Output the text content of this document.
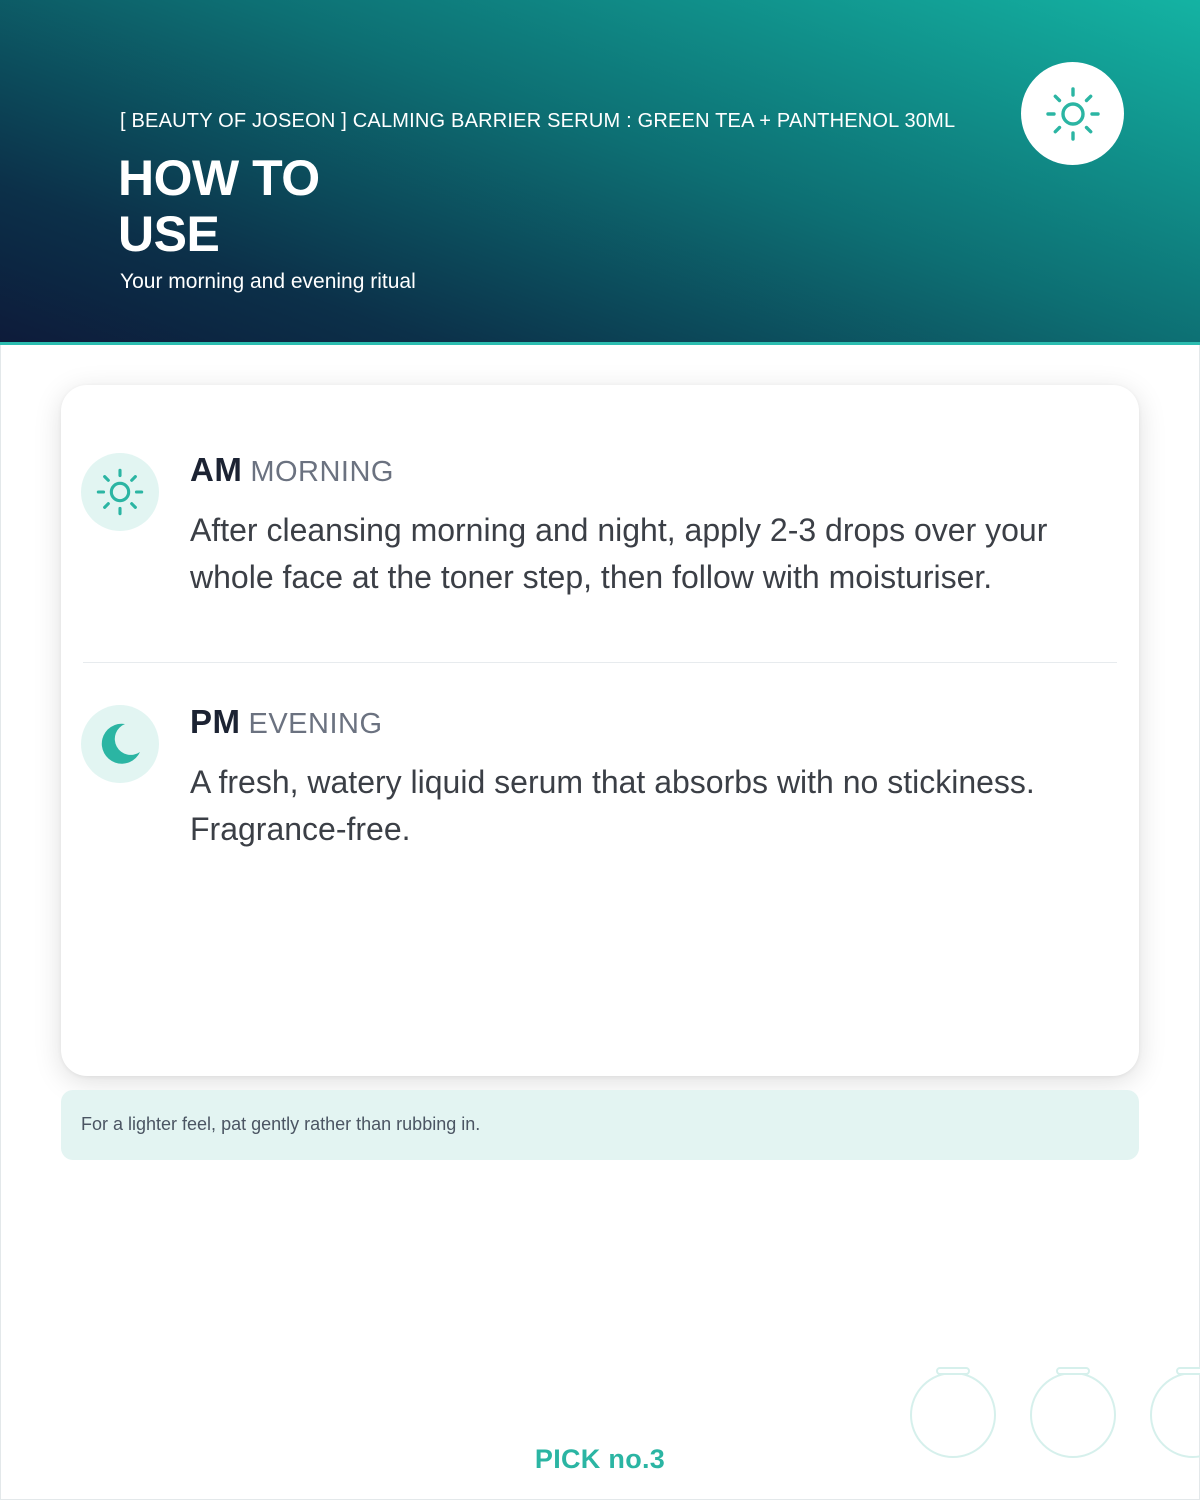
[ BEAUTY OF JOSEON ] CALMING BARRIER SERUM : GREEN TEA + PANTHENOL 30ML
HOW TO
USE
Your morning and evening ritual
AM MORNING
After cleansing morning and night, apply 2-3 drops over your whole face at the toner step, then follow with moisturiser.
PM EVENING
A fresh, watery liquid serum that absorbs with no stickiness. Fragrance-free.
For a lighter feel, pat gently rather than rubbing in.
PICK no.3
